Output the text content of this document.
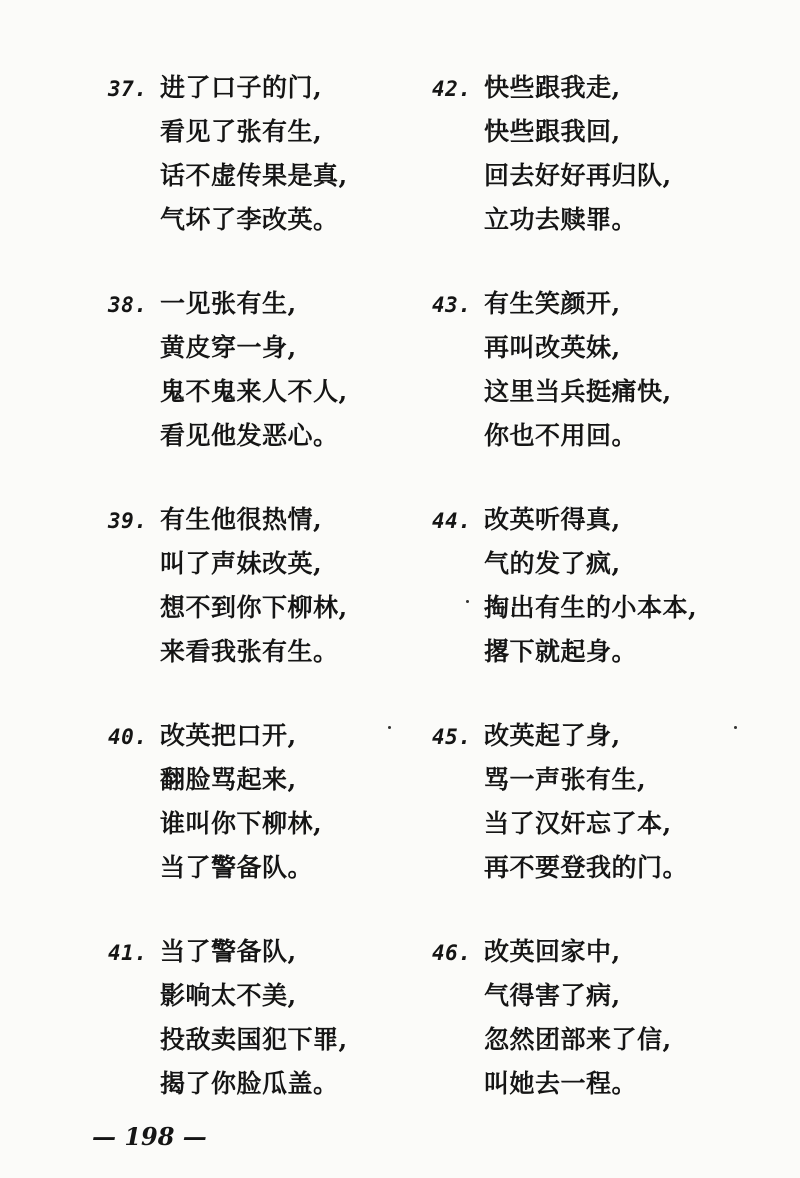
37. 进了口子的门,
看见了张有生,
话不虚传果是真,
气坏了李改英。
38. 一见张有生,
黄皮穿一身,
鬼不鬼来人不人,
看见他发恶心。
39. 有生他很热情,
叫了声妹改英,
想不到你下柳林,
来看我张有生。
40. 改英把口开,
翻脸骂起来,
谁叫你下柳林,
当了警备队。
41. 当了警备队,
影响太不美,
投敌卖国犯下罪,
揭了你脸瓜盖。
42. 快些跟我走,
快些跟我回,
回去好好再归队,
立功去赎罪。
43. 有生笑颜开,
再叫改英妹,
这里当兵挺痛快,
你也不用回。
44. 改英听得真,
气的发了疯,
掏出有生的小本本,
撂下就起身。
45. 改英起了身,
骂一声张有生,
当了汉奸忘了本,
再不要登我的门。
46. 改英回家中,
气得害了病,
忽然团部来了信,
叫她去一程。
— 198 —
